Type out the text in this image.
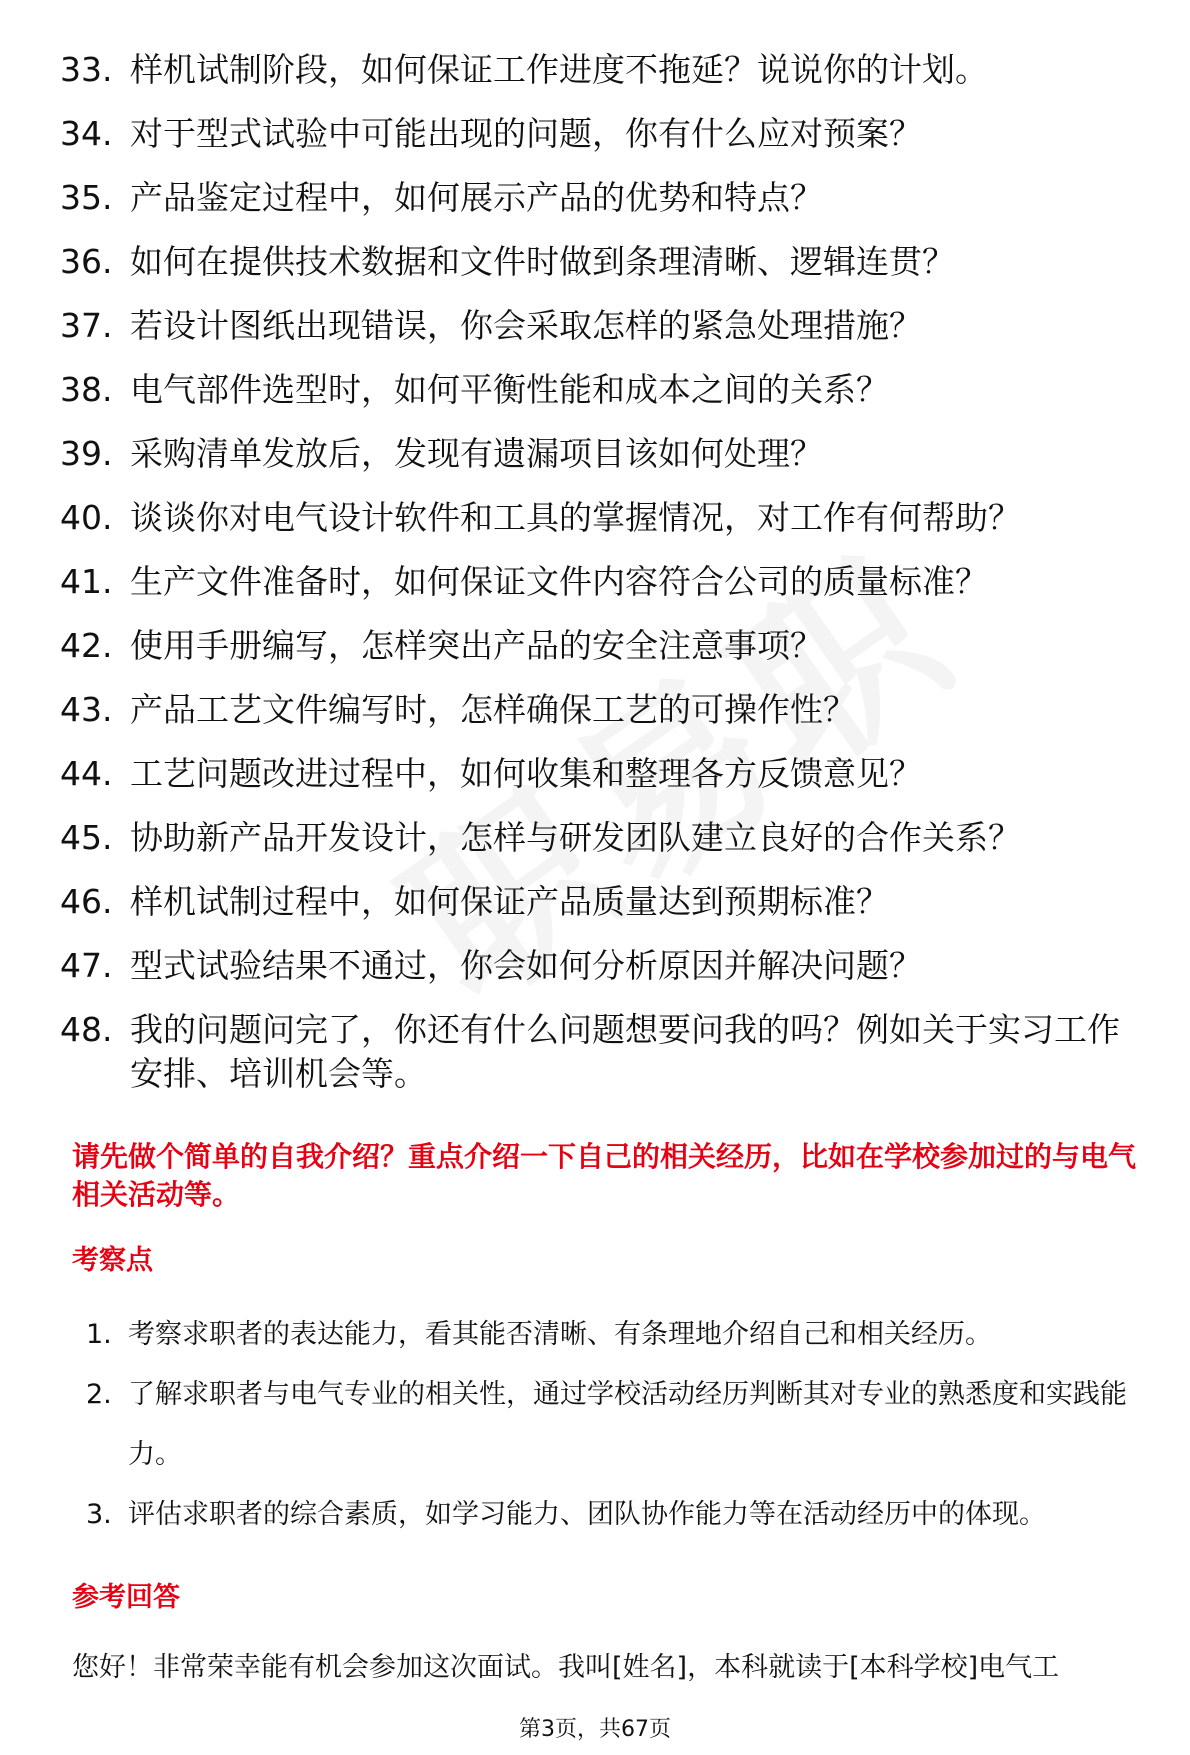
33. 样机试制阶段，如何保证工作进度不拖延？说说你的计划。
34. 对于型式试验中可能出现的问题，你有什么应对预案？
35. 产品鉴定过程中，如何展示产品的优势和特点？
36. 如何在提供技术数据和文件时做到条理清晰、逻辑连贯？
37. 若设计图纸出现错误，你会采取怎样的紧急处理措施？
38. 电气部件选型时，如何平衡性能和成本之间的关系？
39. 采购清单发放后，发现有遗漏项目该如何处理？
40. 谈谈你对电气设计软件和工具的掌握情况，对工作有何帮助？
41. 生产文件准备时，如何保证文件内容符合公司的质量标准？
42. 使用手册编写，怎样突出产品的安全注意事项？
43. 产品工艺文件编写时，怎样确保工艺的可操作性？
44. 工艺问题改进过程中，如何收集和整理各方反馈意见？
45. 协助新产品开发设计，怎样与研发团队建立良好的合作关系？
46. 样机试制过程中，如何保证产品质量达到预期标准？
47. 型式试验结果不通过，你会如何分析原因并解决问题？
48. 我的问题问完了，你还有什么问题想要问我的吗？例如关于实习工作安排、培训机会等。
请先做个简单的自我介绍？重点介绍一下自己的相关经历，比如在学校参加过的与电气相关活动等。
考察点
1. 考察求职者的表达能力，看其能否清晰、有条理地介绍自己和相关经历。
2. 了解求职者与电气专业的相关性，通过学校活动经历判断其对专业的熟悉度和实践能力。
3. 评估求职者的综合素质，如学习能力、团队协作能力等在活动经历中的体现。
参考回答
您好！非常荣幸能有机会参加这次面试。我叫[姓名]，本科就读于[本科学校]电气工
第3页，共67页
